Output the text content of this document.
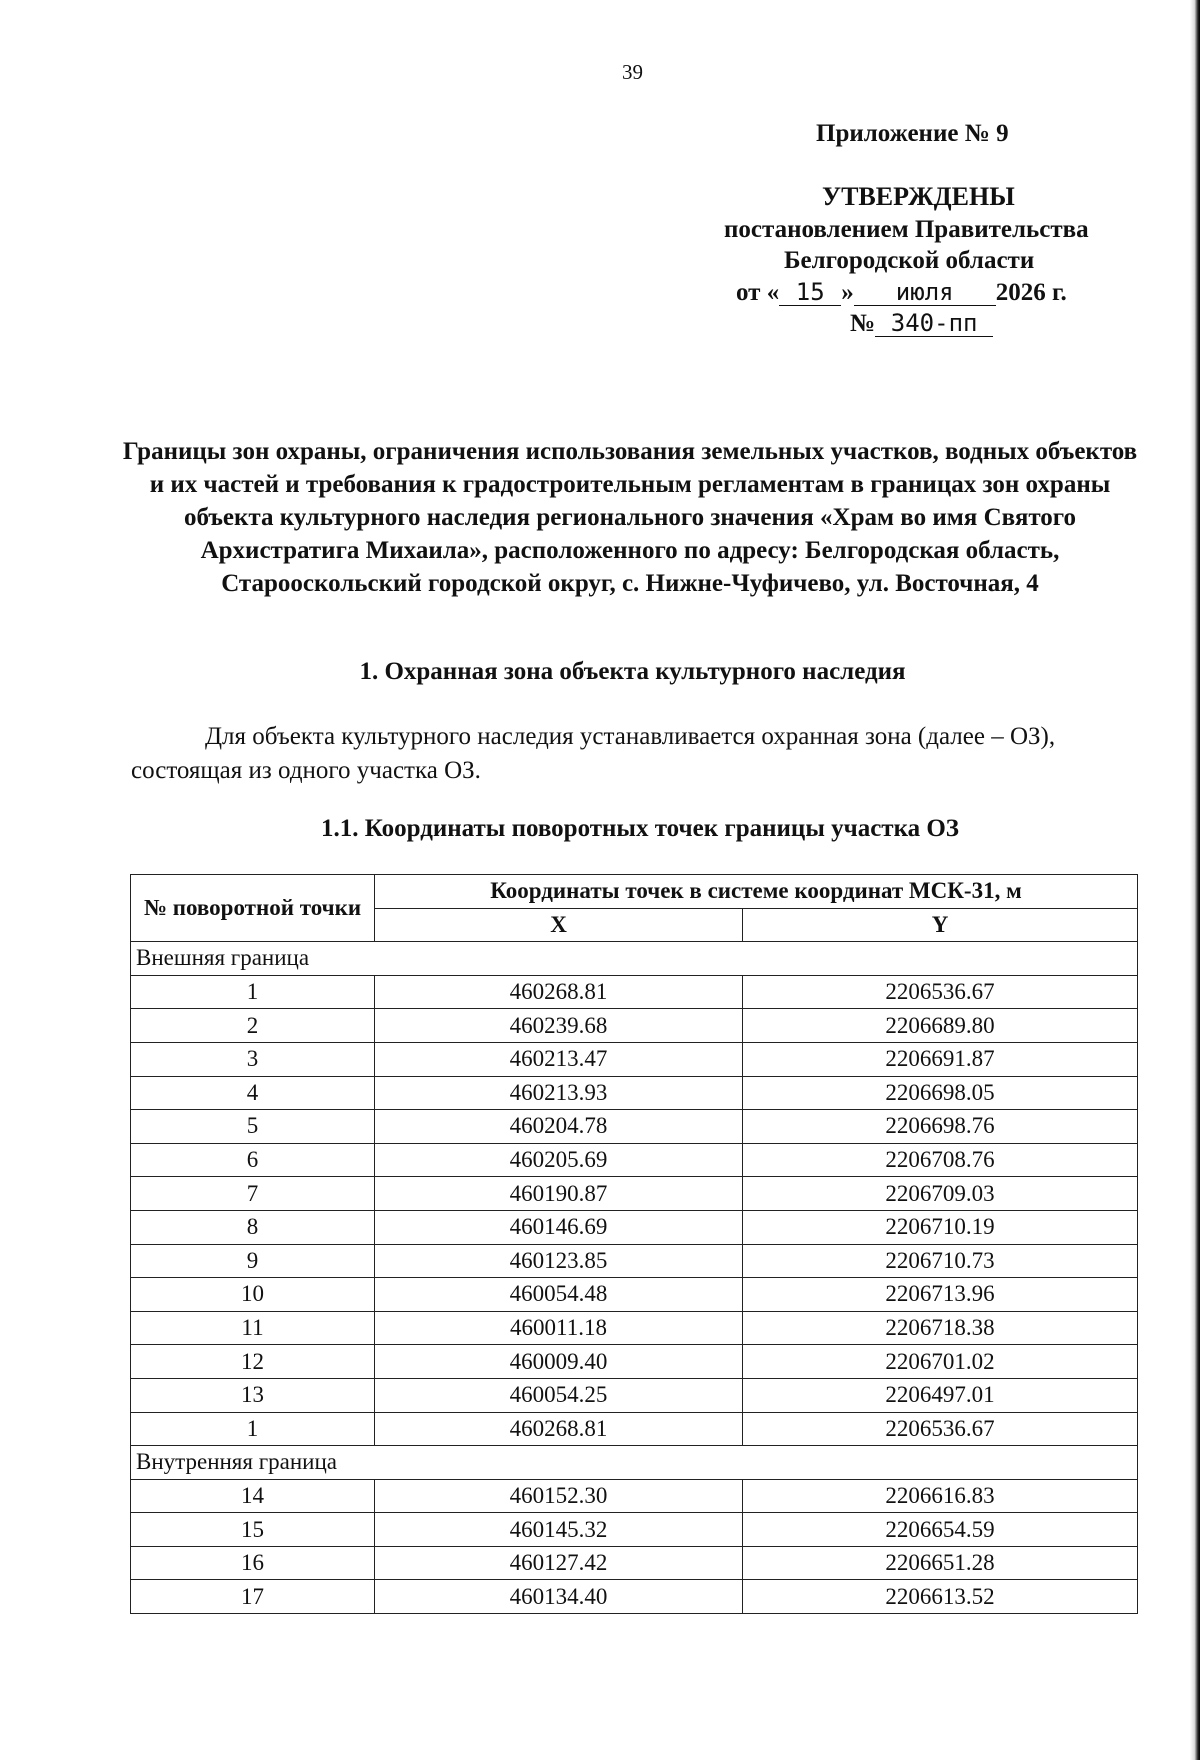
39
Приложение № 9
УТВЕРЖДЕНЫ
постановлением Правительства
Белгородской области
от « 15 » июля 2026 г.
№ 340-пп
Границы зон охраны, ограничения использования земельных участков, водных объектов и их частей и требования к градостроительным регламентам в границах зон охраны объекта культурного наследия регионального значения «Храм во имя Святого Архистратига Михаила», расположенного по адресу: Белгородская область, Старооскольский городской округ, с. Нижне-Чуфичево, ул. Восточная, 4
1. Охранная зона объекта культурного наследия
Для объекта культурного наследия устанавливается охранная зона (далее – ОЗ),
состоящая из одного участка ОЗ.
1.1. Координаты поворотных точек границы участка ОЗ
№ поворотной точки	Координаты точек в системе координат МСК-31, м	
	X	Y
Внешняя граница		
1	460268.81	2206536.67
2	460239.68	2206689.80
3	460213.47	2206691.87
4	460213.93	2206698.05
5	460204.78	2206698.76
6	460205.69	2206708.76
7	460190.87	2206709.03
8	460146.69	2206710.19
9	460123.85	2206710.73
10	460054.48	2206713.96
11	460011.18	2206718.38
12	460009.40	2206701.02
13	460054.25	2206497.01
1	460268.81	2206536.67
Внутренняя граница		
14	460152.30	2206616.83
15	460145.32	2206654.59
16	460127.42	2206651.28
17	460134.40	2206613.52
